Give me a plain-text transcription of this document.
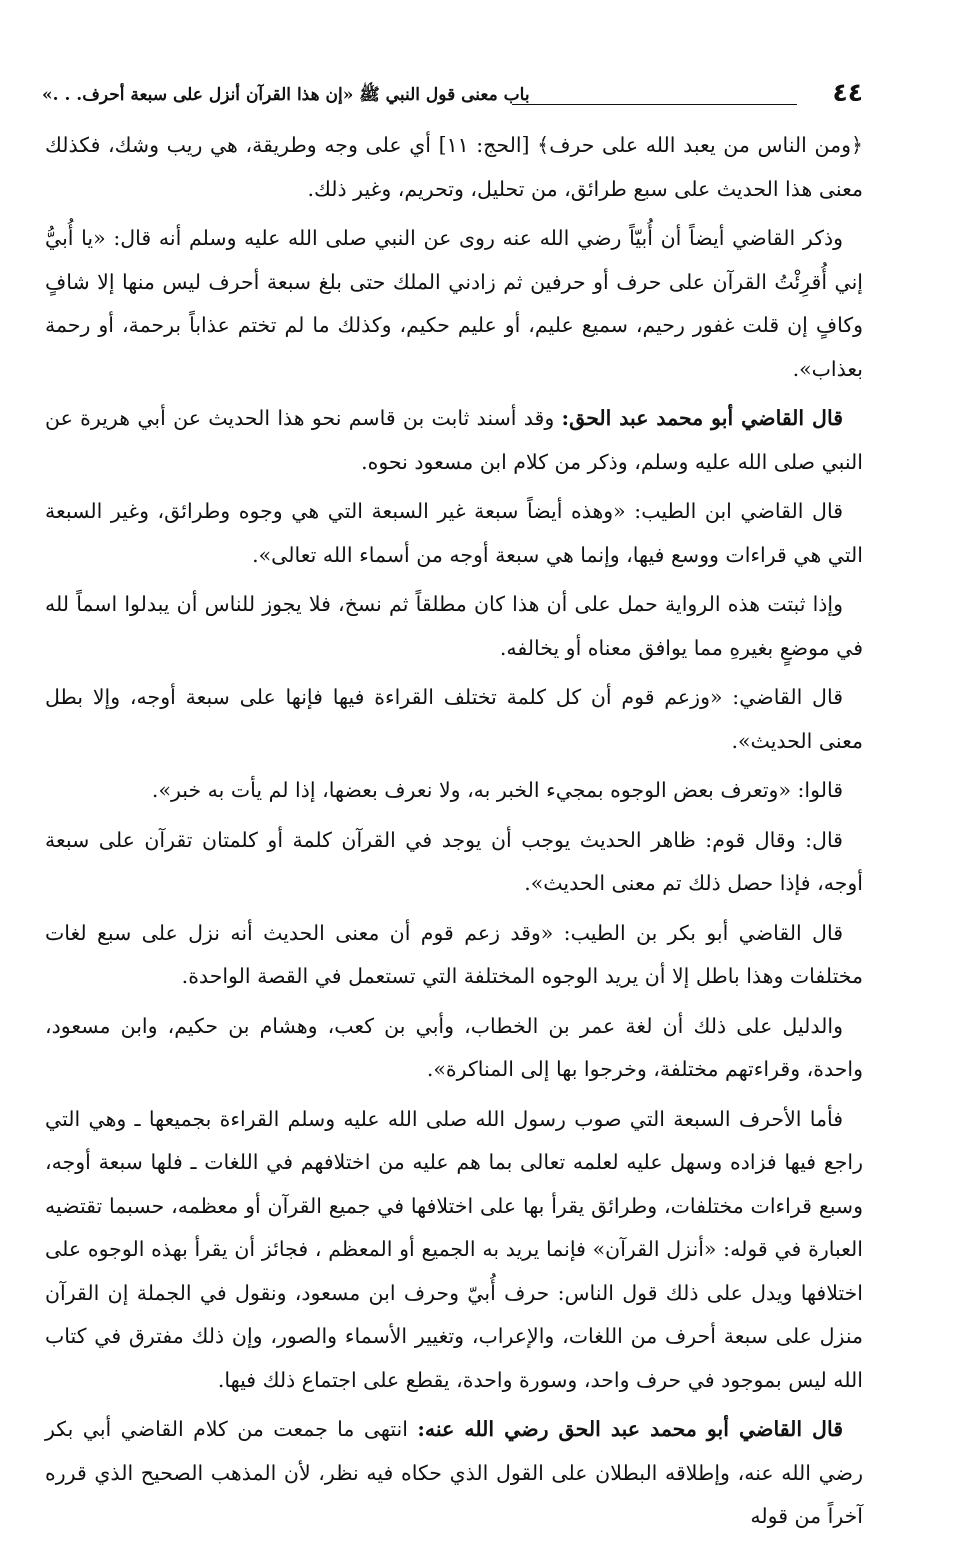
باب معنى قول النبي ﷺ «إن هذا القرآن أنزل على سبعة أحرف. . .»	٤٤

﴿ومن الناس من يعبد الله على حرف﴾ [الحج: ١١] أي على وجه وطريقة، هي ريب وشك، فكذلك معنى هذا الحديث على سبع طرائق، من تحليل، وتحريم، وغير ذلك.

وذكر القاضي أيضاً أن أُبيّاً رضي الله عنه روى عن النبي صلى الله عليه وسلم أنه قال: «يا أُبيُّ إني أُقرِئْتُ القرآن على حرف أو حرفين ثم زادني الملك حتى بلغ سبعة أحرف ليس منها إلا شافٍ وكافٍ إن قلت غفور رحيم، سميع عليم، أو عليم حكيم، وكذلك ما لم تختم عذاباً برحمة، أو رحمة بعذاب».

قال القاضي أبو محمد عبد الحق: وقد أسند ثابت بن قاسم نحو هذا الحديث عن أبي هريرة عن النبي صلى الله عليه وسلم، وذكر من كلام ابن مسعود نحوه.

قال القاضي ابن الطيب: «وهذه أيضاً سبعة غير السبعة التي هي وجوه وطرائق، وغير السبعة التي هي قراءات ووسع فيها، وإنما هي سبعة أوجه من أسماء الله تعالى».

وإذا ثبتت هذه الرواية حمل على أن هذا كان مطلقاً ثم نسخ، فلا يجوز للناس أن يبدلوا اسماً لله في موضعٍ بغيرهِ مما يوافق معناه أو يخالفه.

قال القاضي: «وزعم قوم أن كل كلمة تختلف القراءة فيها فإنها على سبعة أوجه، وإلا بطل معنى الحديث».

قالوا: «وتعرف بعض الوجوه بمجيء الخبر به، ولا نعرف بعضها، إذا لم يأت به خبر».

قال: وقال قوم: ظاهر الحديث يوجب أن يوجد في القرآن كلمة أو كلمتان تقرآن على سبعة أوجه، فإذا حصل ذلك تم معنى الحديث».

قال القاضي أبو بكر بن الطيب: «وقد زعم قوم أن معنى الحديث أنه نزل على سبع لغات مختلفات وهذا باطل إلا أن يريد الوجوه المختلفة التي تستعمل في القصة الواحدة.

والدليل على ذلك أن لغة عمر بن الخطاب، وأبي بن كعب، وهشام بن حكيم، وابن مسعود، واحدة، وقراءتهم مختلفة، وخرجوا بها إلى المناكرة».

فأما الأحرف السبعة التي صوب رسول الله صلى الله عليه وسلم القراءة بجميعها ـ وهي التي راجع فيها فزاده وسهل عليه لعلمه تعالى بما هم عليه من اختلافهم في اللغات ـ فلها سبعة أوجه، وسبع قراءات مختلفات، وطرائق يقرأ بها على اختلافها في جميع القرآن أو معظمه، حسبما تقتضيه العبارة في قوله: «أنزل القرآن» فإنما يريد به الجميع أو المعظم ، فجائز أن يقرأ بهذه الوجوه على اختلافها ويدل على ذلك قول الناس: حرف أُبيّ وحرف ابن مسعود، ونقول في الجملة إن القرآن منزل على سبعة أحرف من اللغات، والإعراب، وتغيير الأسماء والصور، وإن ذلك مفترق في كتاب الله ليس بموجود في حرف واحد، وسورة واحدة، يقطع على اجتماع ذلك فيها.

قال القاضي أبو محمد عبد الحق رضي الله عنه: انتهى ما جمعت من كلام القاضي أبي بكر رضي الله عنه، وإطلاقه البطلان على القول الذي حكاه فيه نظر، لأن المذهب الصحيح الذي قرره آخراً من قوله
